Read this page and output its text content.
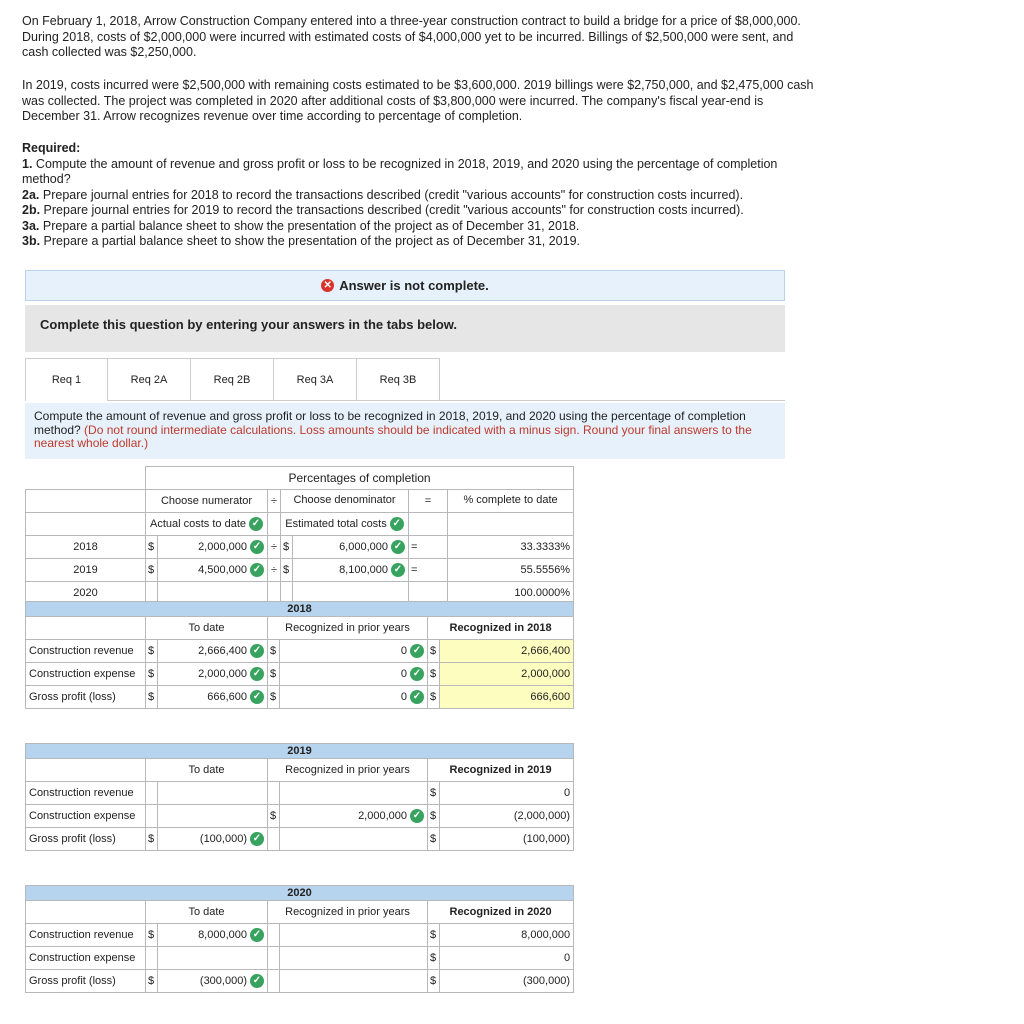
On February 1, 2018, Arrow Construction Company entered into a three-year construction contract to build a bridge for a price of $8,000,000. During 2018, costs of $2,000,000 were incurred with estimated costs of $4,000,000 yet to be incurred. Billings of $2,500,000 were sent, and cash collected was $2,250,000.

In 2019, costs incurred were $2,500,000 with remaining costs estimated to be $3,600,000. 2019 billings were $2,750,000, and $2,475,000 cash was collected. The project was completed in 2020 after additional costs of $3,800,000 were incurred. The company's fiscal year-end is December 31. Arrow recognizes revenue over time according to percentage of completion.

Required:
1. Compute the amount of revenue and gross profit or loss to be recognized in 2018, 2019, and 2020 using the percentage of completion method?
2a. Prepare journal entries for 2018 to record the transactions described (credit "various accounts" for construction costs incurred).
2b. Prepare journal entries for 2019 to record the transactions described (credit "various accounts" for construction costs incurred).
3a. Prepare a partial balance sheet to show the presentation of the project as of December 31, 2018.
3b. Prepare a partial balance sheet to show the presentation of the project as of December 31, 2019.
✕ Answer is not complete.
Complete this question by entering your answers in the tabs below.
Req 1	Req 2A	Req 2B	Req 3A	Req 3B
Compute the amount of revenue and gross profit or loss to be recognized in 2018, 2019, and 2020 using the percentage of completion method? (Do not round intermediate calculations. Loss amounts should be indicated with a minus sign. Round your final answers to the nearest whole dollar.)
	Percentages of completion						
	Choose numerator		÷	Choose denominator		=	% complete to date
	Actual costs to date ✓			Estimated total costs ✓			
2018	$	2,000,000 ✓	÷	$	6,000,000 ✓	=	33.3333%
2019	$	4,500,000 ✓	÷	$	8,100,000 ✓	=	55.5556%
2020							100.0000%
2018						
	To date		Recognized in prior years		Recognized in 2018	
Construction revenue	$	2,666,400 ✓	$	0 ✓	$	2,666,400
Construction expense	$	2,000,000 ✓	$	0 ✓	$	2,000,000
Gross profit (loss)	$	666,600 ✓	$	0 ✓	$	666,600
2019						
	To date		Recognized in prior years		Recognized in 2019	
Construction revenue					$	0
Construction expense			$	2,000,000 ✓	$	(2,000,000)
Gross profit (loss)	$	(100,000) ✓			$	(100,000)
2020						
	To date		Recognized in prior years		Recognized in 2020	
Construction revenue	$	8,000,000 ✓			$	8,000,000
Construction expense					$	0
Gross profit (loss)	$	(300,000) ✓			$	(300,000)
